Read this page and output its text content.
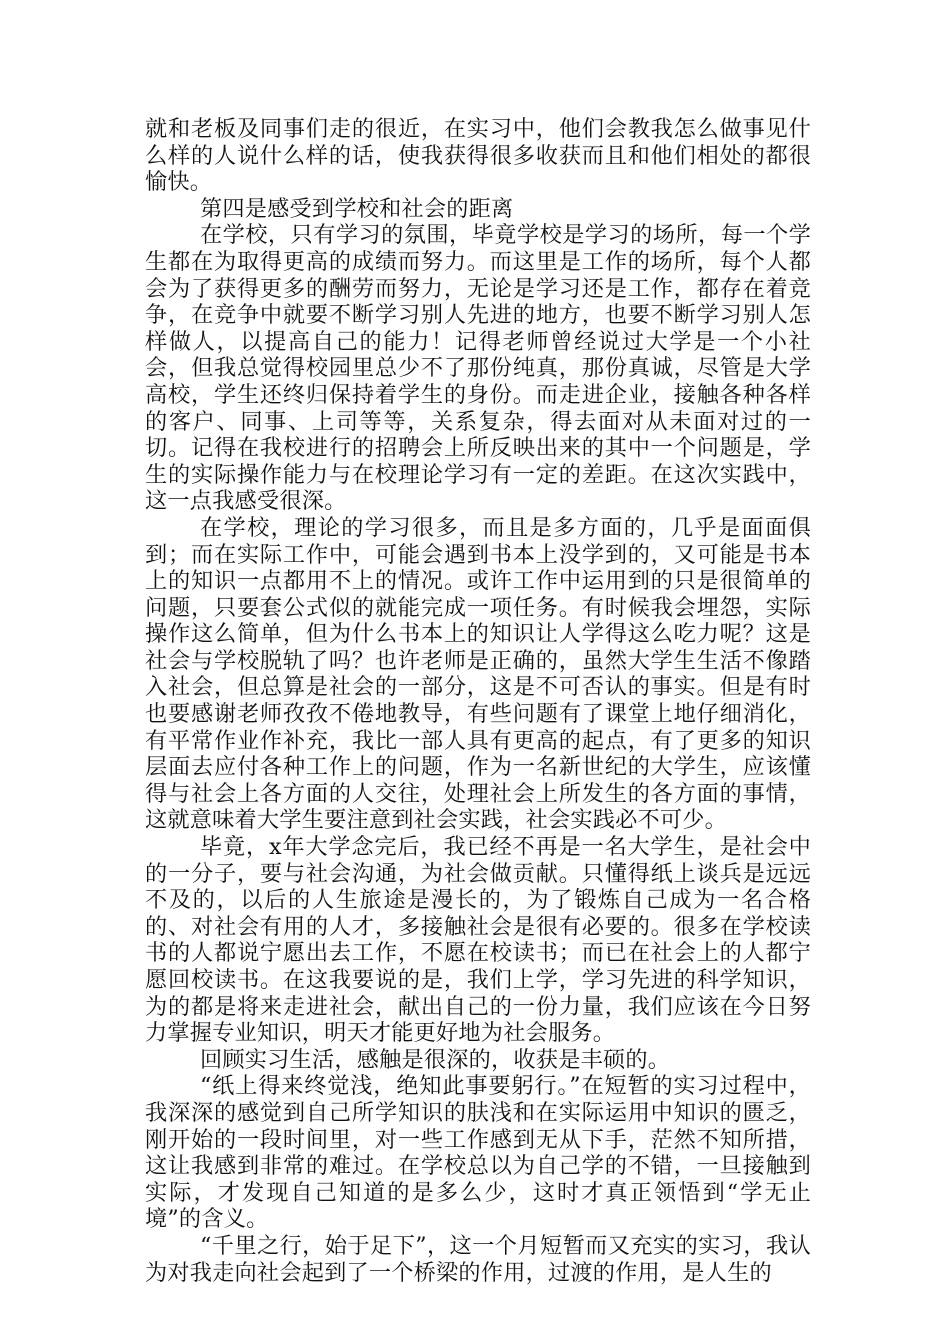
就和老板及同事们走的很近，在实习中，他们会教我怎么做事见什么样的人说什么样的话，使我获得很多收获而且和他们相处的都很愉快。

第四是感受到学校和社会的距离

在学校，只有学习的氛围，毕竟学校是学习的场所，每一个学生都在为取得更高的成绩而努力。而这里是工作的场所，每个人都会为了获得更多的酬劳而努力，无论是学习还是工作，都存在着竞争，在竞争中就要不断学习别人先进的地方，也要不断学习别人怎样做人，以提高自己的能力！记得老师曾经说过大学是一个小社会，但我总觉得校园里总少不了那份纯真，那份真诚，尽管是大学高校，学生还终归保持着学生的身份。而走进企业，接触各种各样的客户、同事、上司等等，关系复杂，得去面对从未面对过的一切。记得在我校进行的招聘会上所反映出来的其中一个问题是，学生的实际操作能力与在校理论学习有一定的差距。在这次实践中，这一点我感受很深。

在学校，理论的学习很多，而且是多方面的，几乎是面面俱到；而在实际工作中，可能会遇到书本上没学到的，又可能是书本上的知识一点都用不上的情况。或许工作中运用到的只是很简单的问题，只要套公式似的就能完成一项任务。有时候我会埋怨，实际操作这么简单，但为什么书本上的知识让人学得这么吃力呢？这是社会与学校脱轨了吗？也许老师是正确的，虽然大学生生活不像踏入社会，但总算是社会的一部分，这是不可否认的事实。但是有时也要感谢老师孜孜不倦地教导，有些问题有了课堂上地仔细消化，有平常作业作补充，我比一部人具有更高的起点，有了更多的知识层面去应付各种工作上的问题，作为一名新世纪的大学生，应该懂得与社会上各方面的人交往，处理社会上所发生的各方面的事情，这就意味着大学生要注意到社会实践，社会实践必不可少。

毕竟，x年大学念完后，我已经不再是一名大学生，是社会中的一分子，要与社会沟通，为社会做贡献。只懂得纸上谈兵是远远不及的，以后的人生旅途是漫长的，为了锻炼自己成为一名合格的、对社会有用的人才，多接触社会是很有必要的。很多在学校读书的人都说宁愿出去工作，不愿在校读书；而已在社会上的人都宁愿回校读书。在这我要说的是，我们上学，学习先进的科学知识，为的都是将来走进社会，献出自己的一份力量，我们应该在今日努力掌握专业知识，明天才能更好地为社会服务。

回顾实习生活，感触是很深的，收获是丰硕的。

“纸上得来终觉浅，绝知此事要躬行。”在短暂的实习过程中，我深深的感觉到自己所学知识的肤浅和在实际运用中知识的匮乏，刚开始的一段时间里，对一些工作感到无从下手，茫然不知所措，这让我感到非常的难过。在学校总以为自己学的不错，一旦接触到实际，才发现自己知道的是多么少，这时才真正领悟到“学无止境”的含义。

“千里之行，始于足下”，这一个月短暂而又充实的实习，我认为对我走向社会起到了一个桥梁的作用，过渡的作用，是人生的
